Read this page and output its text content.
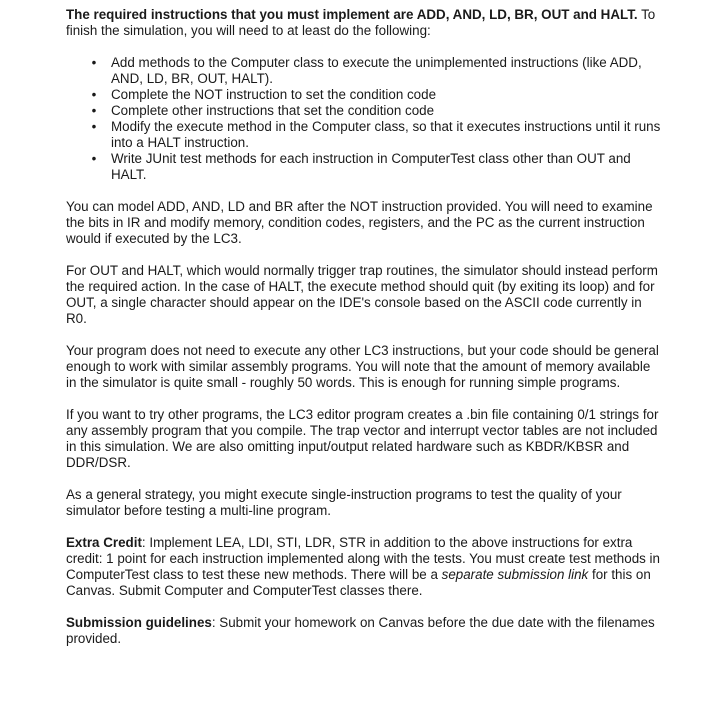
The required instructions that you must implement are ADD, AND, LD, BR, OUT and HALT. To finish the simulation, you will need to at least do the following:

• Add methods to the Computer class to execute the unimplemented instructions (like ADD, AND, LD, BR, OUT, HALT).
• Complete the NOT instruction to set the condition code
• Complete other instructions that set the condition code
• Modify the execute method in the Computer class, so that it executes instructions until it runs into a HALT instruction.
• Write JUnit test methods for each instruction in ComputerTest class other than OUT and HALT.

You can model ADD, AND, LD and BR after the NOT instruction provided. You will need to examine the bits in IR and modify memory, condition codes, registers, and the PC as the current instruction would if executed by the LC3.

For OUT and HALT, which would normally trigger trap routines, the simulator should instead perform the required action. In the case of HALT, the execute method should quit (by exiting its loop) and for OUT, a single character should appear on the IDE's console based on the ASCII code currently in R0.

Your program does not need to execute any other LC3 instructions, but your code should be general enough to work with similar assembly programs. You will note that the amount of memory available in the simulator is quite small - roughly 50 words. This is enough for running simple programs.

If you want to try other programs, the LC3 editor program creates a .bin file containing 0/1 strings for any assembly program that you compile. The trap vector and interrupt vector tables are not included in this simulation. We are also omitting input/output related hardware such as KBDR/KBSR and DDR/DSR.

As a general strategy, you might execute single-instruction programs to test the quality of your simulator before testing a multi-line program.

Extra Credit: Implement LEA, LDI, STI, LDR, STR in addition to the above instructions for extra credit: 1 point for each instruction implemented along with the tests. You must create test methods in ComputerTest class to test these new methods. There will be a separate submission link for this on Canvas. Submit Computer and ComputerTest classes there.

Submission guidelines: Submit your homework on Canvas before the due date with the filenames provided.
